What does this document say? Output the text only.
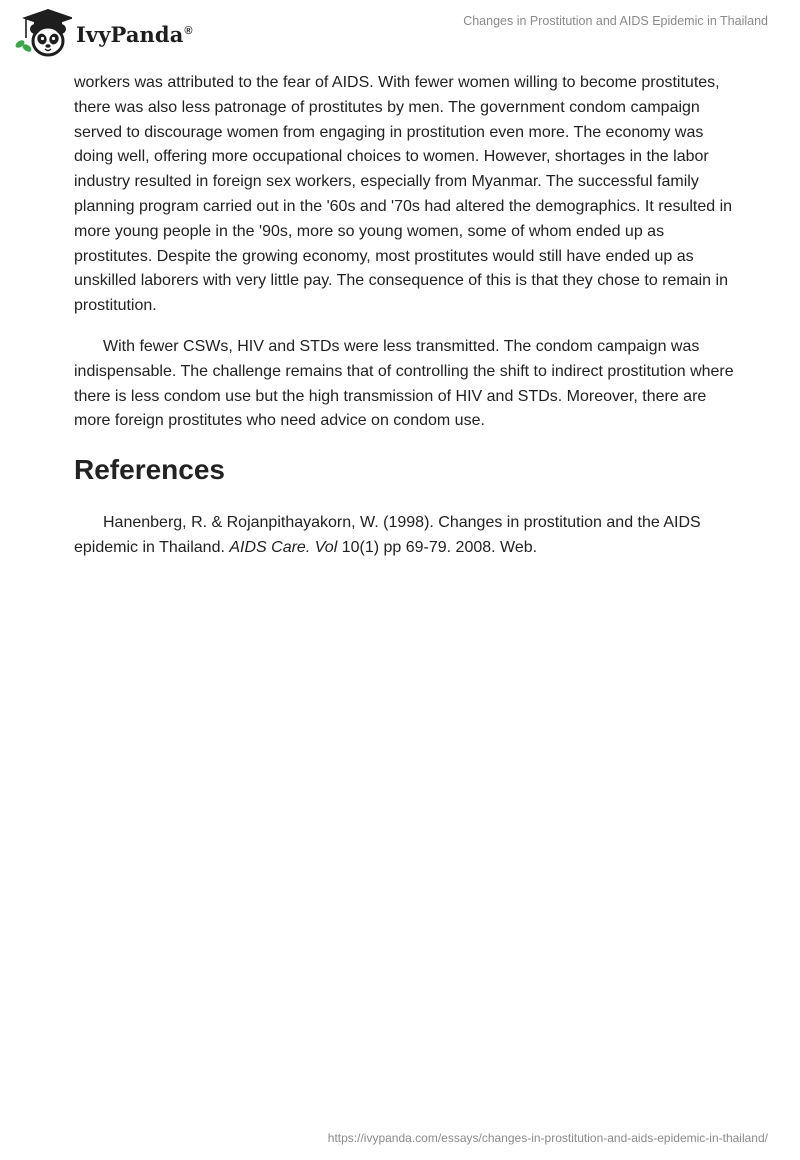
IvyPanda®
Changes in Prostitution and AIDS Epidemic in Thailand

workers was attributed to the fear of AIDS. With fewer women willing to become prostitutes, there was also less patronage of prostitutes by men. The government condom campaign served to discourage women from engaging in prostitution even more. The economy was doing well, offering more occupational choices to women. However, shortages in the labor industry resulted in foreign sex workers, especially from Myanmar. The successful family planning program carried out in the '60s and '70s had altered the demographics. It resulted in more young people in the '90s, more so young women, some of whom ended up as prostitutes. Despite the growing economy, most prostitutes would still have ended up as unskilled laborers with very little pay. The consequence of this is that they chose to remain in prostitution.

With fewer CSWs, HIV and STDs were less transmitted. The condom campaign was indispensable. The challenge remains that of controlling the shift to indirect prostitution where there is less condom use but the high transmission of HIV and STDs. Moreover, there are more foreign prostitutes who need advice on condom use.

References

Hanenberg, R. & Rojanpithayakorn, W. (1998). Changes in prostitution and the AIDS epidemic in Thailand. AIDS Care. Vol 10(1) pp 69-79. 2008. Web.

https://ivypanda.com/essays/changes-in-prostitution-and-aids-epidemic-in-thailand/
